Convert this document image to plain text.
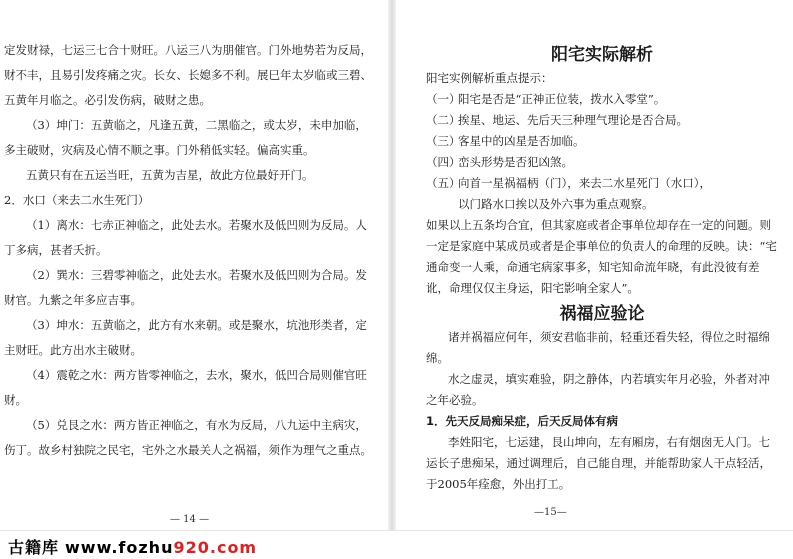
定发财禄，七运三七合十财旺。八运三八为朋催官。门外地势若为反局，财不丰，且易引发疼痛之灾。长女、长媳多不利。展巳年太岁临或三碧、五黄年月临之。必引发伤病，破财之患。

（3）坤门：五黄临之，凡逢五黄，二黑临之，或太岁，未申加临，多主破财，灾病及心情不顺之事。门外稍低实轻。偏高实重。

五黄只有在五运当旺，五黄为吉星，故此方位最好开门。

2．水口（来去二水生死门）

（1）离水：七赤正神临之，此处去水。若聚水及低凹则为反局。人丁多病，甚者夭折。

（2）巽水：三碧零神临之，此处去水。若聚水及低凹则为合局。发财官。九紫之年多应吉事。

（3）坤水：五黄临之，此方有水来朝。或是聚水，坑池形类者，定主财旺。此方出水主破财。

（4）震乾之水：两方皆零神临之，去水，聚水，低凹合局则催官旺财。

（5）兑艮之水：两方皆正神临之，有水为反局，八九运中主病灾，伤丁。故乡村独院之民宅，宅外之水最关人之祸福，须作为理气之重点。

— 14 —

阳宅实际解析

阳宅实例解析重点提示：

（一）
阳宅是否是“正神正位装，拨水入零堂”。
（二）
挨星、地运、先后天三种理气理论是否合局。
（三）
客星中的凶星是否加临。
（四）
峦头形势是否犯凶煞。
（五）
向首一星祸福柄（门），来去二水星死门（水口），

以门路水口挨以及外六事为重点观察。

如果以上五条均合宜，但其家庭或者企事单位却存在一定的问题。则一定是家庭中某成员或者是企事单位的负责人的命理的反映。诀：“宅通命变一人乘，命通宅病家事多，知宅知命流年晓，有此没彼有差讹，命理仅仅主身运，阳宅影响全家人”。

祸福应验论

诸并祸福应何年，须安君临非前，轻重还看失轻，得位之时福绵绵。

水之虚灵，填实难验，阴之静体，内若填实年月必验，外者对冲之年必验。

1．先天反局痴呆症，后天反局体有病

李姓阳宅，七运建，艮山坤向，左有厢房，右有烟囱无人门。七运长子患痴呆，通过调理后，自己能自理，并能帮助家人干点轻活，于2005年痊愈，外出打工。

—15—
古籍库 www.fozhu920.com
